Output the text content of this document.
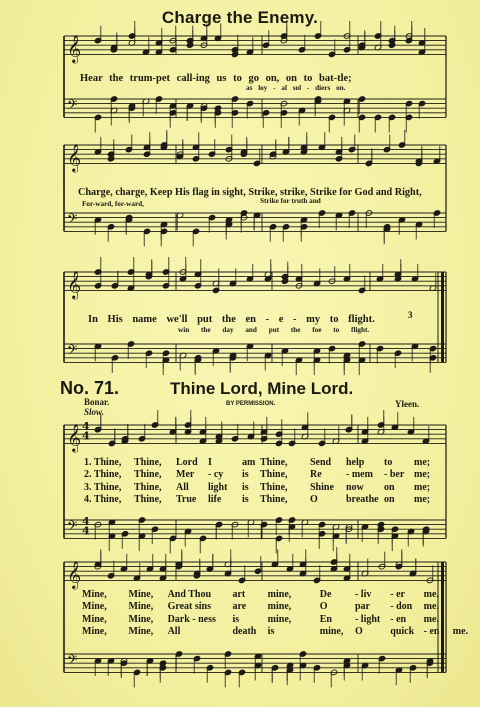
𝄞
𝄢
𝄞
𝄢
𝄞
𝄢
𝄞
𝄢
𝄞
𝄢
4
4
4
4
Charge the Enemy.
Hear the trum-pet call-ing us to go on, on to bat-tle;
as loy - al sol - diers on.
Charge, charge, Keep His flag in sight, Strike, strike, Strike for God and Right,
For-ward, for-ward,	Strike for truth and
In His name we'll put the en - e - my to flight.
win the day and put the foe to flight.
3
No. 71.	Thine Lord, Mine Lord.
Bonar.	BY PERMISSION.	Yleen.
Slow.
1. Thine,	Thine,	Lord	I	am	Thine,	Send	help	to	me;
2. Thine,	Thine,	Mer	- cy	is	Thine,	Re	- mem	- ber	me;
3. Thine,	Thine,	All	light	is	Thine,	Shine	now	on	me;
4. Thine,	Thine,	True	life	is	Thine,	O	breathe	on	me;
Mine,	Mine,	And Thou	art	mine,	De	- liv	- er	me.	
Mine,	Mine,	Great sins	are	mine,	O	par	- don	me.	
Mine,	Mine,	Dark - ness	is	mine,	En	- light	- en	me.	
Mine,	Mine,	All	death	is	mine,	O	quick	- en	me.
